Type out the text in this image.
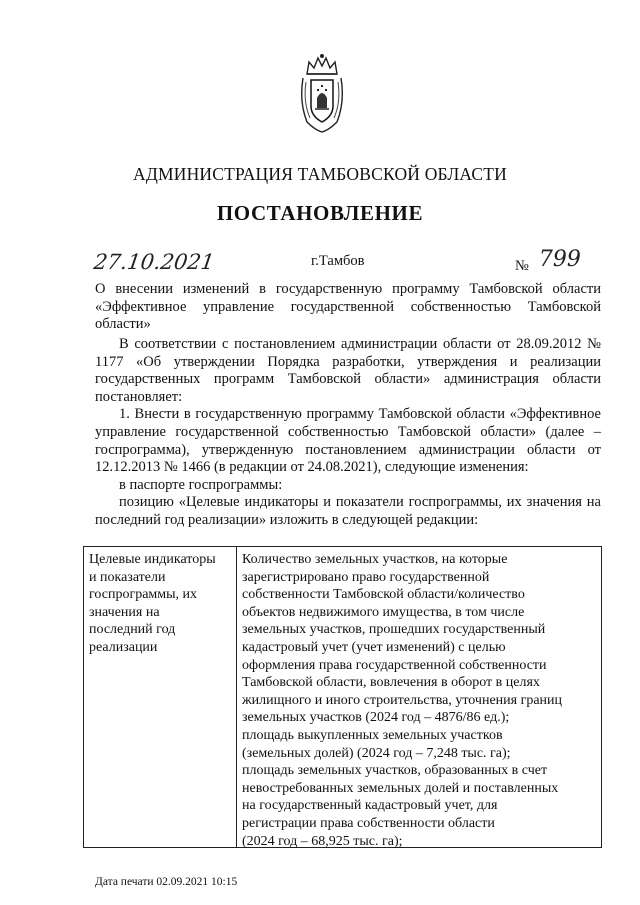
АДМИНИСТРАЦИЯ ТАМБОВСКОЙ ОБЛАСТИ
ПОСТАНОВЛЕНИЕ
27.10.2021	г.Тамбов	№ 799
О внесении изменений в государственную программу Тамбовской области
«Эффективное управление государственной собственностью Тамбовской
области»

В соответствии с постановлением администрации области от 28.09.2012 № 1177 «Об утверждении Порядка разработки, утверждения и реализации государственных программ Тамбовской области» администрация области постановляет:

1. Внести в государственную программу Тамбовской области «Эффективное управление государственной собственностью Тамбовской области» (далее – госпрограмма), утвержденную постановлением администрации области от 12.12.2013 № 1466 (в редакции от 24.08.2021), следующие изменения:

в паспорте госпрограммы:

позицию «Целевые индикаторы и показатели госпрограммы, их значения на последний год реализации» изложить в следующей редакции:

Целевые индикаторы
и показатели
госпрограммы, их
значения на
последний год
реализации
Количество земельных участков, на которые
зарегистрировано право государственной
собственности Тамбовской области/количество
объектов недвижимого имущества, в том числе
земельных участков, прошедших государственный
кадастровый учет (учет изменений) с целью
оформления права государственной собственности
Тамбовской области, вовлечения в оборот в целях
жилищного и иного строительства, уточнения границ
земельных участков (2024 год – 4876/86 ед.);
площадь выкупленных земельных участков
(земельных долей) (2024 год – 7,248 тыс. га);
площадь земельных участков, образованных в счет
невостребованных земельных долей и поставленных
на государственный кадастровый учет, для
регистрации права собственности области
(2024 год – 68,925 тыс. га);
Дата печати 02.09.2021 10:15
